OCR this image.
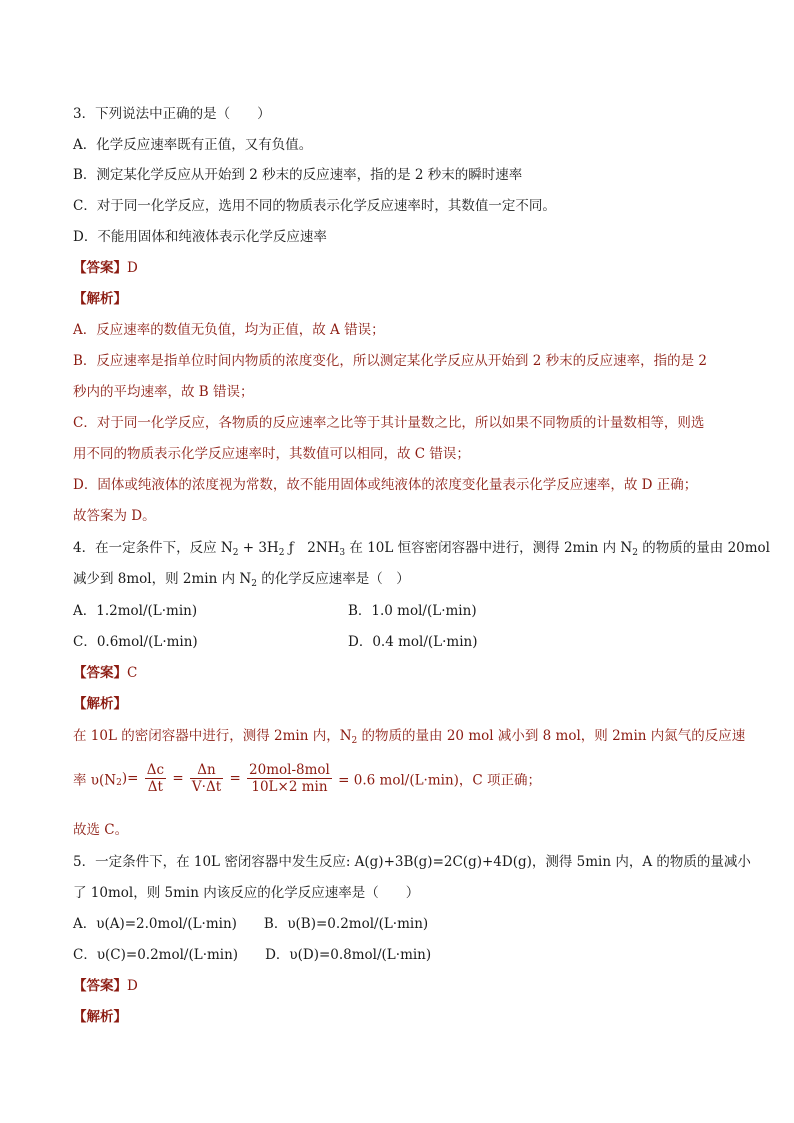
3．下列说法中正确的是（　　）
A．化学反应速率既有正值，又有负值。
B．测定某化学反应从开始到 2 秒末的反应速率，指的是 2 秒末的瞬时速率
C．对于同一化学反应，选用不同的物质表示化学反应速率时，其数值一定不同。
D．不能用固体和纯液体表示化学反应速率
【答案】D
【解析】
A．反应速率的数值无负值，均为正值，故 A 错误；
B．反应速率是指单位时间内物质的浓度变化，所以测定某化学反应从开始到 2 秒末的反应速率，指的是 2
秒内的平均速率，故 B 错误；
C．对于同一化学反应，各物质的反应速率之比等于其计量数之比，所以如果不同物质的计量数相等，则选
用不同的物质表示化学反应速率时，其数值可以相同，故 C 错误；
D．固体或纯液体的浓度视为常数，故不能用固体或纯液体的浓度变化量表示化学反应速率，故 D 正确；
故答案为 D。
4．在一定条件下，反应 $N_2 + 3H_2$ ƒ　$2NH_3$ 在 10L 恒容密闭容器中进行，测得 2min 内 $N_2$ 的物质的量由 20mol
减少到 8mol，则 2min 内 $N_2$ 的化学反应速率是（　）
A．1.2mol/(L·min)	B．1.0 mol/(L·min)
C．0.6mol/(L·min)	D．0.4 mol/(L·min)
【答案】C
【解析】
在 10L 的密闭容器中进行，测得 2min 内，$N_2$ 的物质的量由 20 mol 减小到 8 mol，则 2min 内氮气的反应速
率 $\upsilon(N_2)= \frac{\Delta c}{\Delta t} = \frac{\Delta n}{V\cdot\Delta t} = \frac{\text{20mol-8mol}}{10L\times 2 \min} = 0.6$ mol/(L·min)，C 项正确；
故选 C。
5．一定条件下，在 10L 密闭容器中发生反应: A(g)+3B(g)=2C(g)+4D(g)，测得 5min 内，A 的物质的量减小
了 10mol，则 5min 内该反应的化学反应速率是（　　）
A．υ(A)=2.0mol/(L·min)　　B．υ(B)=0.2mol/(L·min)
C．υ(C)=0.2mol/(L·min)　　D．υ(D)=0.8mol/(L·min)
【答案】D
【解析】
